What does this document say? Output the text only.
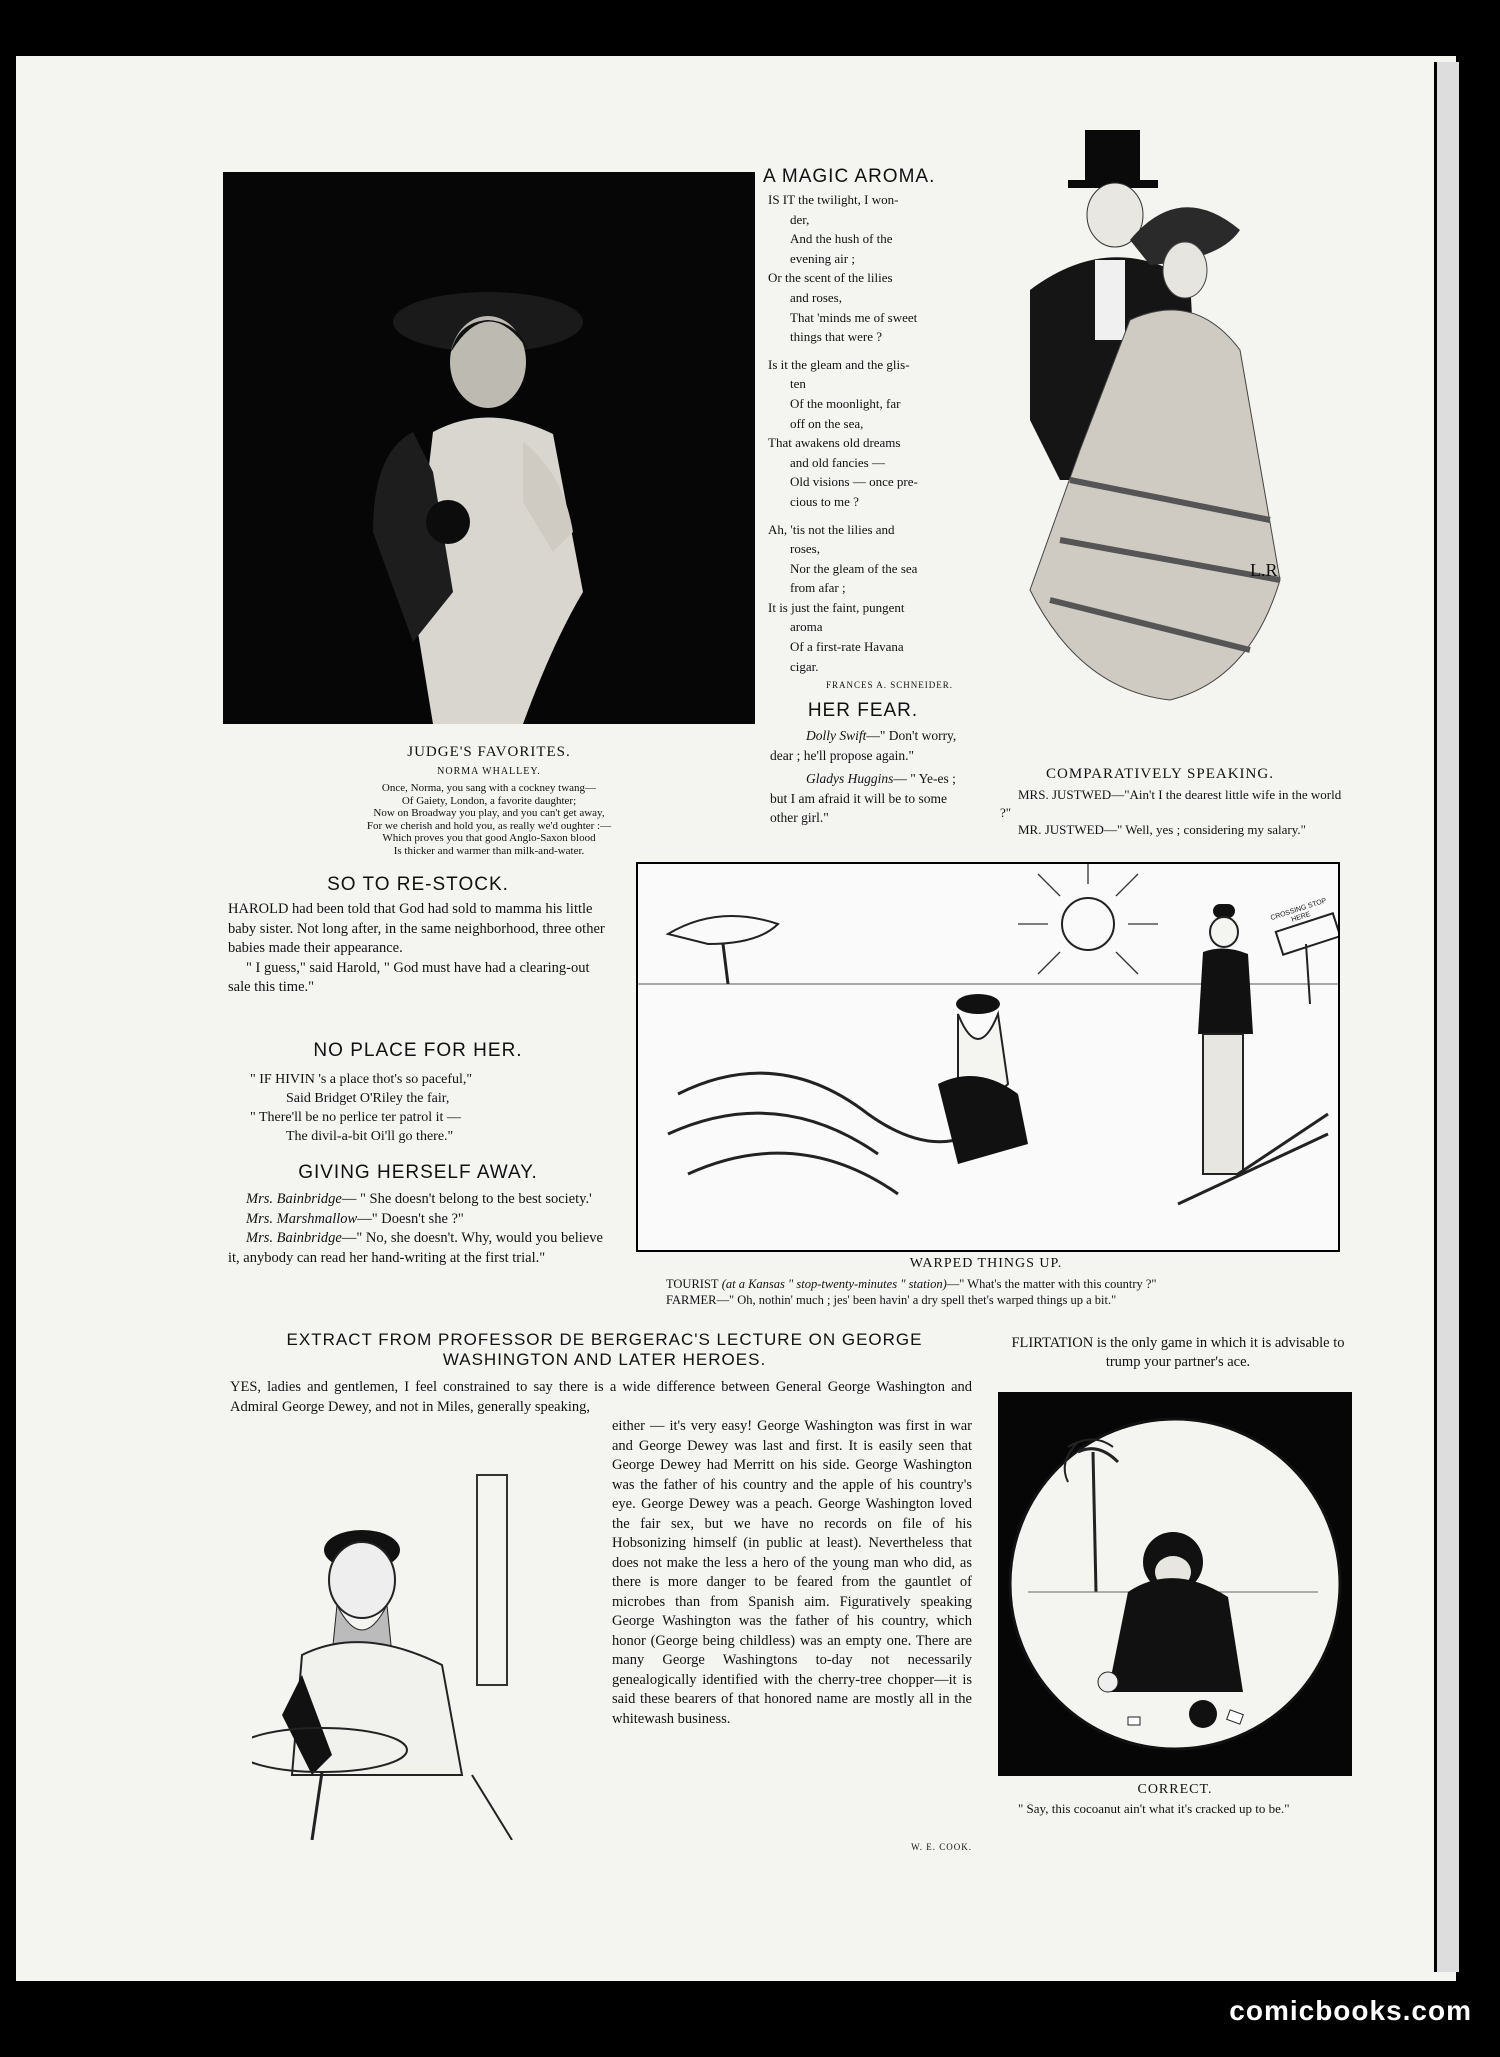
JUDGE'S FAVORITES.
NORMA WHALLEY.
Once, Norma, you sang with a cockney twang—
Of Gaiety, London, a favorite daughter;
Now on Broadway you play, and you can't get away,
For we cherish and hold you, as really we'd oughter :—
Which proves you that good Anglo-Saxon blood
Is thicker and warmer than milk-and-water.
A MAGIC AROMA.
IS IT the twilight, I won-
der,
And the hush of the
evening air ;
Or the scent of the lilies
and roses,
That 'minds me of sweet
things that were ?
Is it the gleam and the glis-
ten
Of the moonlight, far
off on the sea,
That awakens old dreams
and old fancies —
Old visions — once pre-
cious to me ?
Ah, 'tis not the lilies and
roses,
Nor the gleam of the sea
from afar ;
It is just the faint, pungent
aroma
Of a first-rate Havana
cigar.
FRANCES A. SCHNEIDER.
HER FEAR.

Dolly Swift—" Don't worry, dear ; he'll propose again."

Gladys Huggins— " Ye-es ; but I am afraid it will be to some other girl."

L.R
COMPARATIVELY SPEAKING.

MRS. JUSTWED—"Ain't I the dearest little wife in the world ?"

MR. JUSTWED—" Well, yes ; considering my salary."

SO TO RE-STOCK.

HAROLD had been told that God had sold to mamma his little baby sister. Not long after, in the same neighborhood, three other babies made their appearance.

" I guess," said Harold, " God must have had a clearing-out sale this time."

NO PLACE FOR HER.
" IF HIVIN 's a place thot's so paceful,"
Said Bridget O'Riley the fair,
" There'll be no perlice ter patrol it —
The divil-a-bit Oi'll go there."
GIVING HERSELF AWAY.

Mrs. Bainbridge— " She doesn't belong to the best society.'

Mrs. Marshmallow—" Doesn't she ?"

Mrs. Bainbridge—" No, she doesn't. Why, would you believe it, anybody can read her hand-writing at the first trial."

CROSSING STOP HERE
WARPED THINGS UP.
TOURIST (at a Kansas " stop-twenty-minutes " station)—" What's the matter with this country ?"
FARMER—" Oh, nothin' much ; jes' been havin' a dry spell thet's warped things up a bit."
EXTRACT FROM PROFESSOR DE BERGERAC'S LECTURE ON GEORGE
WASHINGTON AND LATER HEROES.
YES, ladies and gentlemen, I feel constrained to say there is a wide difference between General George Washington and Admiral George Dewey, and not in Miles, generally speaking,
either — it's very easy! George Washington was first in war and George Dewey was last and first. It is easily seen that George Dewey had Merritt on his side. George Washington was the father of his country and the apple of his country's eye. George Dewey was a peach. George Washington loved the fair sex, but we have no records on file of his Hobsonizing himself (in public at least). Nevertheless that does not make the less a hero of the young man who did, as there is more danger to be feared from the gauntlet of microbes than from Spanish aim. Figuratively speaking George Washington was the father of his country, which honor (George being childless) was an empty one. There are many George Washingtons to-day not necessarily genealogically identified with the cherry-tree chopper—it is said these bearers of that honored name are mostly all in the whitewash business.
W. E. COOK.
FLIRTATION is the only game in which it is advisable to trump your partner's ace.
CORRECT.
" Say, this cocoanut ain't what it's cracked up to be."
comicbooks.com
